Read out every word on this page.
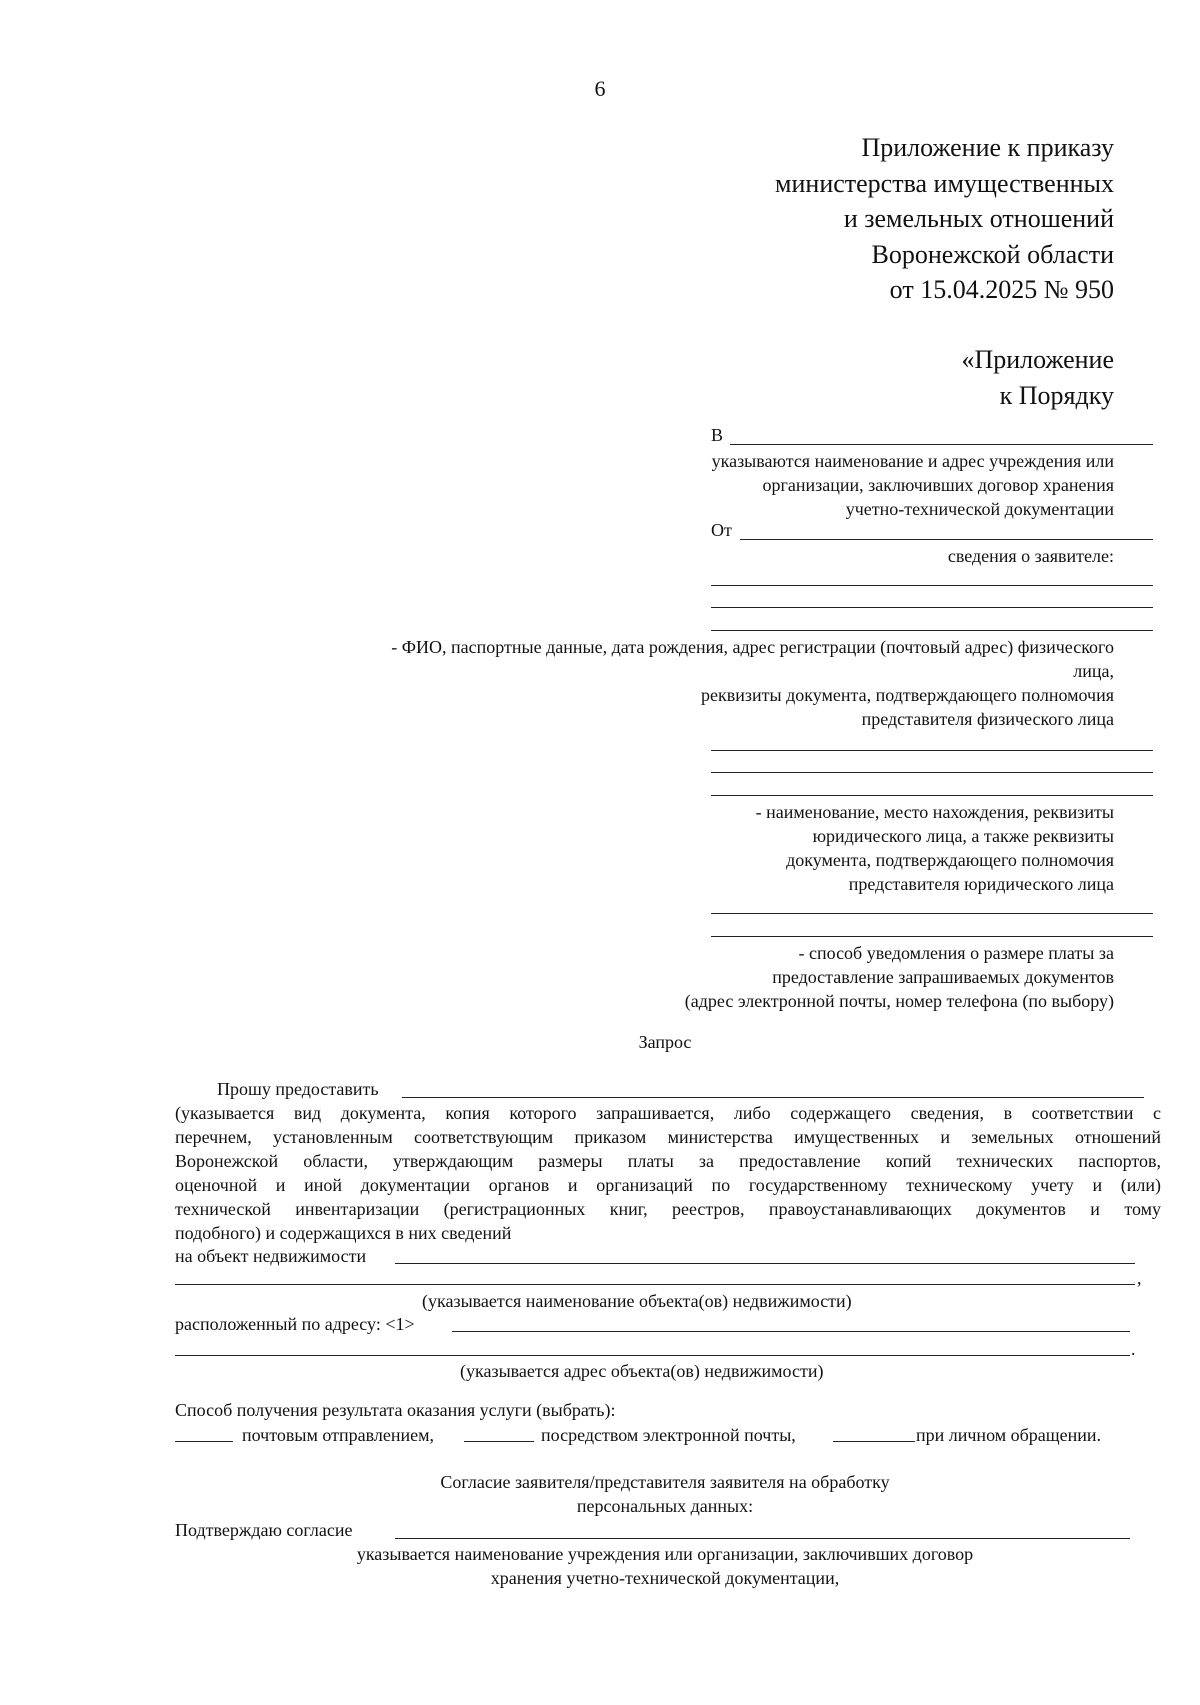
6
Приложение к приказу
министерства имущественных
и земельных отношений
Воронежской области
от 15.04.2025 № 950
«Приложение
к Порядку
В
указываются наименование и адрес учреждения или
организации, заключивших договор хранения
учетно-технической документации
От
сведения о заявителе:
- ФИО, паспортные данные, дата рождения, адрес регистрации (почтовый адрес) физического
лица,
реквизиты документа, подтверждающего полномочия
представителя физического лица
- наименование, место нахождения, реквизиты
юридического лица, а также реквизиты
документа, подтверждающего полномочия
представителя юридического лица
- способ уведомления о размере платы за
предоставление запрашиваемых документов
(адрес электронной почты, номер телефона (по выбору)
Запрос
Прошу предоставить
(указывается вид документа, копия которого запрашивается, либо содержащего сведения, в соответствии с
перечнем, установленным соответствующим приказом министерства имущественных и земельных отношений
Воронежской области, утверждающим размеры платы за предоставление копий технических паспортов,
оценочной и иной документации органов и организаций по государственному техническому учету и (или)
технической инвентаризации (регистрационных книг, реестров, правоустанавливающих документов и тому
подобного) и содержащихся в них сведений
на объект недвижимости
,
(указывается наименование объекта(ов) недвижимости)
расположенный по адресу: <1>
.
(указывается адрес объекта(ов) недвижимости)
Способ получения результата оказания услуги (выбрать):
почтовым отправлением,	посредством электронной почты,	при личном обращении.
Согласие заявителя/представителя заявителя на обработку
персональных данных:
Подтверждаю согласие
указывается наименование учреждения или организации, заключивших договор
хранения учетно-технической документации,
